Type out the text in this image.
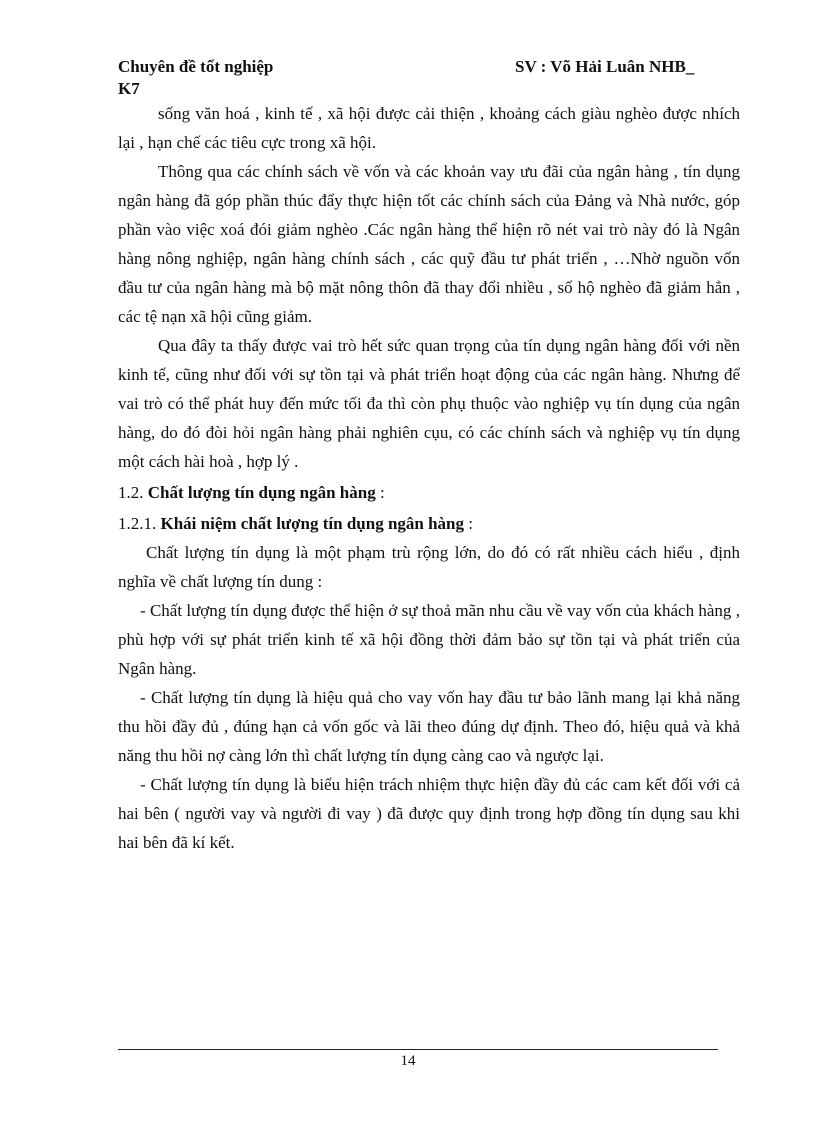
Chuyên đề tốt nghiệp	SV : Võ Hải Luân NHB_
K7

sống văn hoá , kinh tế , xã hội được cải thiện , khoảng cách giàu nghèo được nhích lại , hạn chế các tiêu cực trong xã hội.

Thông qua các chính sách về vốn và các khoản vay ưu đãi của ngân hàng , tín dụng ngân hàng đã góp phần thúc đẩy thực hiện tốt các chính sách của Đảng và Nhà nước, góp phần vào việc xoá đói giảm nghèo .Các ngân hàng thể hiện rõ nét vai trò này đó là Ngân hàng nông nghiệp, ngân hàng chính sách , các quỹ đầu tư phát triển , …Nhờ nguồn vốn đầu tư của ngân hàng mà bộ mặt nông thôn đã thay đổi nhiều , số hộ nghèo đã giảm hẳn , các tệ nạn xã hội cũng giảm.

Qua đây ta thấy được vai trò hết sức quan trọng của tín dụng ngân hàng đối với nền kinh tế, cũng như đối với sự tồn tại và phát triển hoạt động của các ngân hàng. Nhưng để vai trò có thể phát huy đến mức tối đa thì còn phụ thuộc vào nghiệp vụ tín dụng của ngân hàng, do đó đòi hỏi ngân hàng phải nghiên cụu, có các chính sách và nghiệp vụ tín dụng một cách hài hoà , hợp lý .

1.2. Chất lượng tín dụng ngân hàng :

1.2.1. Khái niệm chất lượng tín dụng ngân hàng :

Chất lượng tín dụng là một phạm trù rộng lớn, do đó có rất nhiều cách hiểu , định nghĩa về chất lượng tín dung :

- Chất lượng tín dụng được thể hiện ở sự thoả mãn nhu cầu về vay vốn của khách hàng , phù hợp với sự phát triển kinh tế xã hội đồng thời đảm bảo sự tồn tại và phát triển của Ngân hàng.

- Chất lượng tín dụng là hiệu quả cho vay vốn hay đầu tư bảo lãnh mang lại khả năng thu hồi đầy đủ , đúng hạn cả vốn gốc và lãi theo đúng dự định. Theo đó, hiệu quả và khả năng thu hồi nợ càng lớn thì chất lượng tín dụng càng cao và ngược lại.

- Chất lượng tín dụng là biểu hiện trách nhiệm thực hiện đầy đủ các cam kết đối với cả hai bên ( người vay và người đi vay ) đã được quy định trong hợp đồng tín dụng sau khi hai bên đã kí kết.

14
